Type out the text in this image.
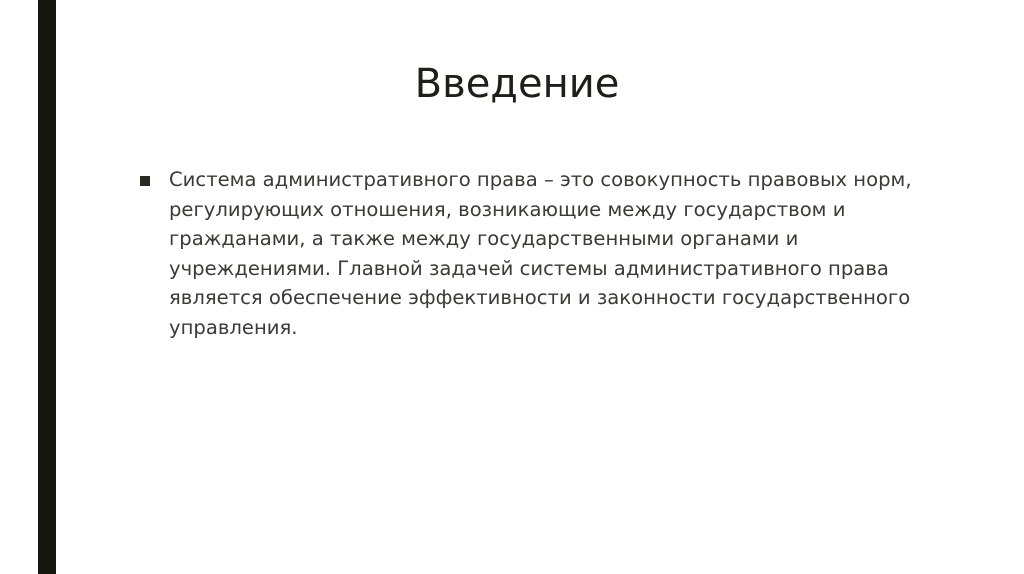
Введение
Система административного права – это совокупность правовых норм, регулирующих отношения, возникающие между государством и гражданами, а также между государственными органами и учреждениями. Главной задачей системы административного права является обеспечение эффективности и законности государственного управления.
